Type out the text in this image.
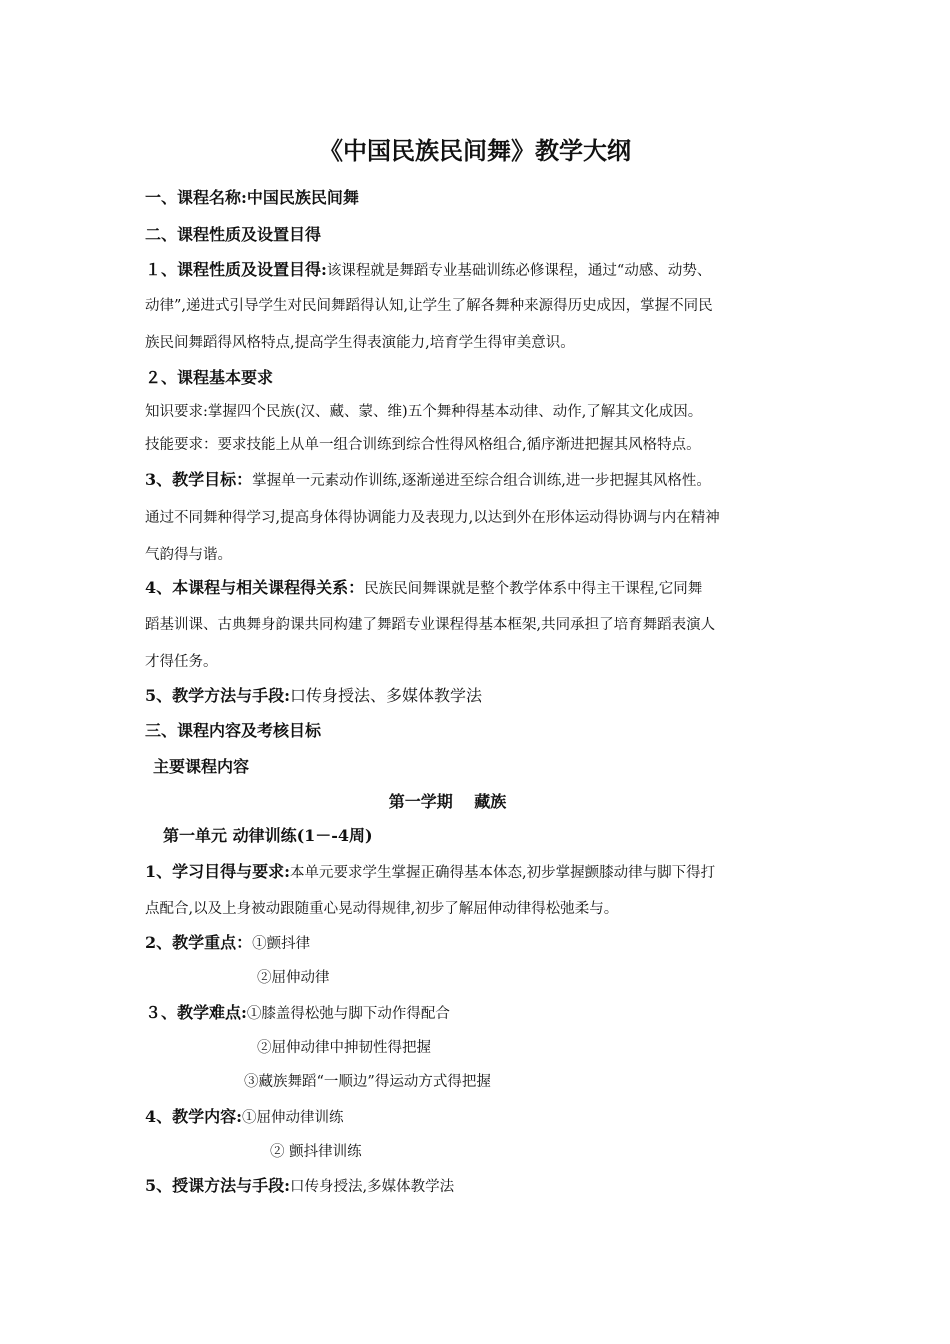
《中国民族民间舞》教学大纲
一、课程名称:中国民族民间舞
二、课程性质及设置目得
１、课程性质及设置目得:该课程就是舞蹈专业基础训练必修课程，通过“动感、动势、
动律”,递进式引导学生对民间舞蹈得认知,让学生了解各舞种来源得历史成因，掌握不同民
族民间舞蹈得风格特点,提高学生得表演能力,培育学生得审美意识。
２、课程基本要求
知识要求:掌握四个民族(汉、藏、蒙、维)五个舞种得基本动律、动作,了解其文化成因。
技能要求：要求技能上从单一组合训练到综合性得风格组合,循序渐进把握其风格特点。
3、教学目标：掌握单一元素动作训练,逐渐递进至综合组合训练,进一步把握其风格性。
通过不同舞种得学习,提高身体得协调能力及表现力,以达到外在形体运动得协调与内在精神
气韵得与谐。
4、本课程与相关课程得关系：民族民间舞课就是整个教学体系中得主干课程,它同舞
蹈基训课、古典舞身韵课共同构建了舞蹈专业课程得基本框架,共同承担了培育舞蹈表演人
才得任务。
5、教学方法与手段:口传身授法、多媒体教学法
三、课程内容及考核目标
主要课程内容
第一学期　 藏族
第一单元 动律训练(1－-4周)
1、学习目得与要求:本单元要求学生掌握正确得基本体态,初步掌握颤膝动律与脚下得打
点配合,以及上身被动跟随重心晃动得规律,初步了解屈伸动律得松弛柔与。
2、教学重点：①颤抖律
②屈伸动律
３、教学难点:①膝盖得松弛与脚下动作得配合
②屈伸动律中抻韧性得把握
③藏族舞蹈“一顺边”得运动方式得把握
4、教学内容:①屈伸动律训练
② 颤抖律训练
5、授课方法与手段:口传身授法,多媒体教学法
